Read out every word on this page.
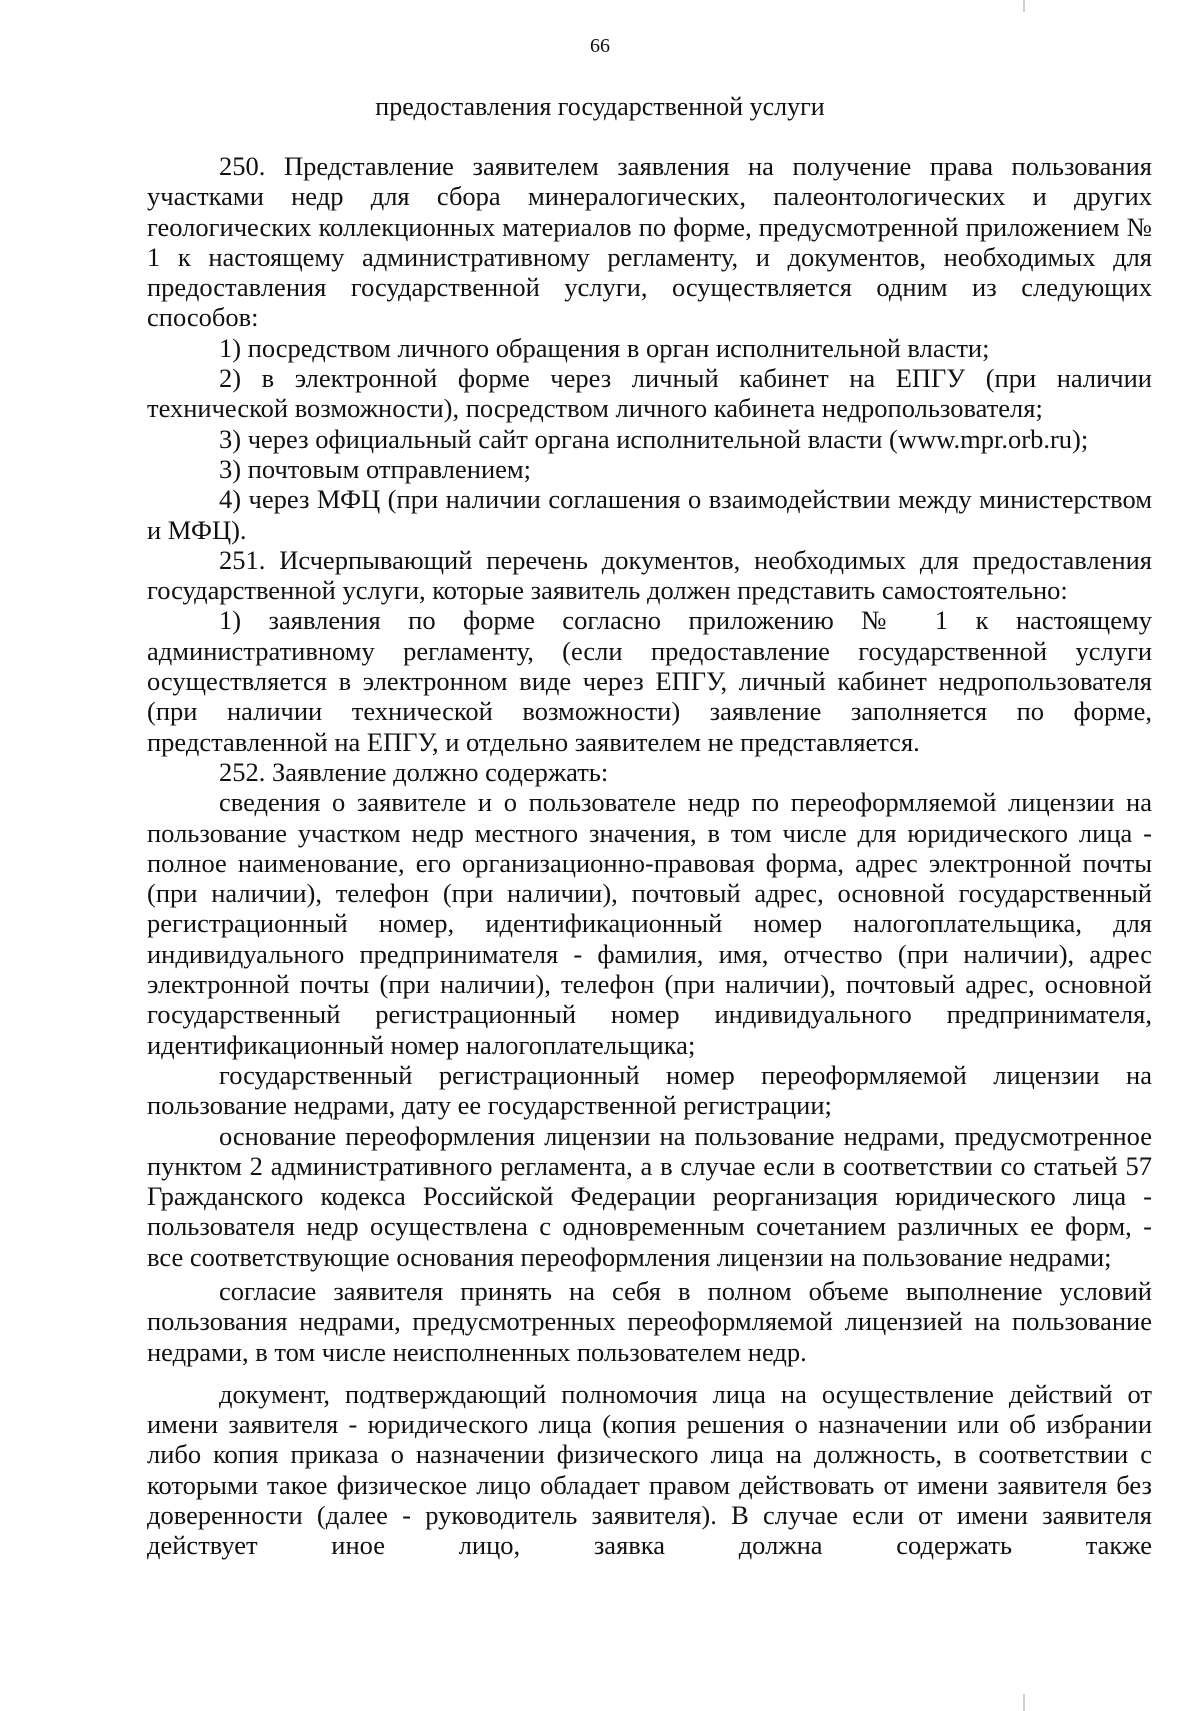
66
предоставления государственной услуги

250. Представление заявителем заявления на получение права пользования участками недр для сбора минералогических, палеонтологических и других геологических коллекционных материалов по форме, предусмотренной приложением № 1 к настоящему административному регламенту, и документов, необходимых для предоставления государственной услуги, осуществляется одним из следующих способов:

1) посредством личного обращения в орган исполнительной власти;

2) в электронной форме через личный кабинет на ЕПГУ (при наличии технической возможности), посредством личного кабинета недропользователя;

3) через официальный сайт органа исполнительной власти (www.mpr.orb.ru);

3) почтовым отправлением;

4) через МФЦ (при наличии соглашения о взаимодействии между министерством и МФЦ).

251. Исчерпывающий перечень документов, необходимых для предоставления государственной услуги, которые заявитель должен представить самостоятельно:

1) заявления по форме согласно приложению № 1 к настоящему административному регламенту, (если предоставление государственной услуги осуществляется в электронном виде через ЕПГУ, личный кабинет недропользователя (при наличии технической возможности) заявление заполняется по форме, представленной на ЕПГУ, и отдельно заявителем не представляется.

252. Заявление должно содержать:

сведения о заявителе и о пользователе недр по переоформляемой лицензии на пользование участком недр местного значения, в том числе для юридического лица - полное наименование, его организационно-правовая форма, адрес электронной почты (при наличии), телефон (при наличии), почтовый адрес, основной государственный регистрационный номер, идентификационный номер налогоплательщика, для индивидуального предпринимателя - фамилия, имя, отчество (при наличии), адрес электронной почты (при наличии), телефон (при наличии), почтовый адрес, основной государственный регистрационный номер индивидуального предпринимателя, идентификационный номер налогоплательщика;

государственный регистрационный номер переоформляемой лицензии на пользование недрами, дату ее государственной регистрации;

основание переоформления лицензии на пользование недрами, предусмотренное пунктом 2 административного регламента, а в случае если в соответствии со статьей 57 Гражданского кодекса Российской Федерации реорганизация юридического лица - пользователя недр осуществлена с одновременным сочетанием различных ее форм, - все соответствующие основания переоформления лицензии на пользование недрами;

согласие заявителя принять на себя в полном объеме выполнение условий пользования недрами, предусмотренных переоформляемой лицензией на пользование недрами, в том числе неисполненных пользователем недр.

документ, подтверждающий полномочия лица на осуществление действий от имени заявителя - юридического лица (копия решения о назначении или об избрании либо копия приказа о назначении физического лица на должность, в соответствии с которыми такое физическое лицо обладает правом действовать от имени заявителя без доверенности (далее - руководитель заявителя). В случае если от имени заявителя действует иное лицо, заявка должна содержать также
